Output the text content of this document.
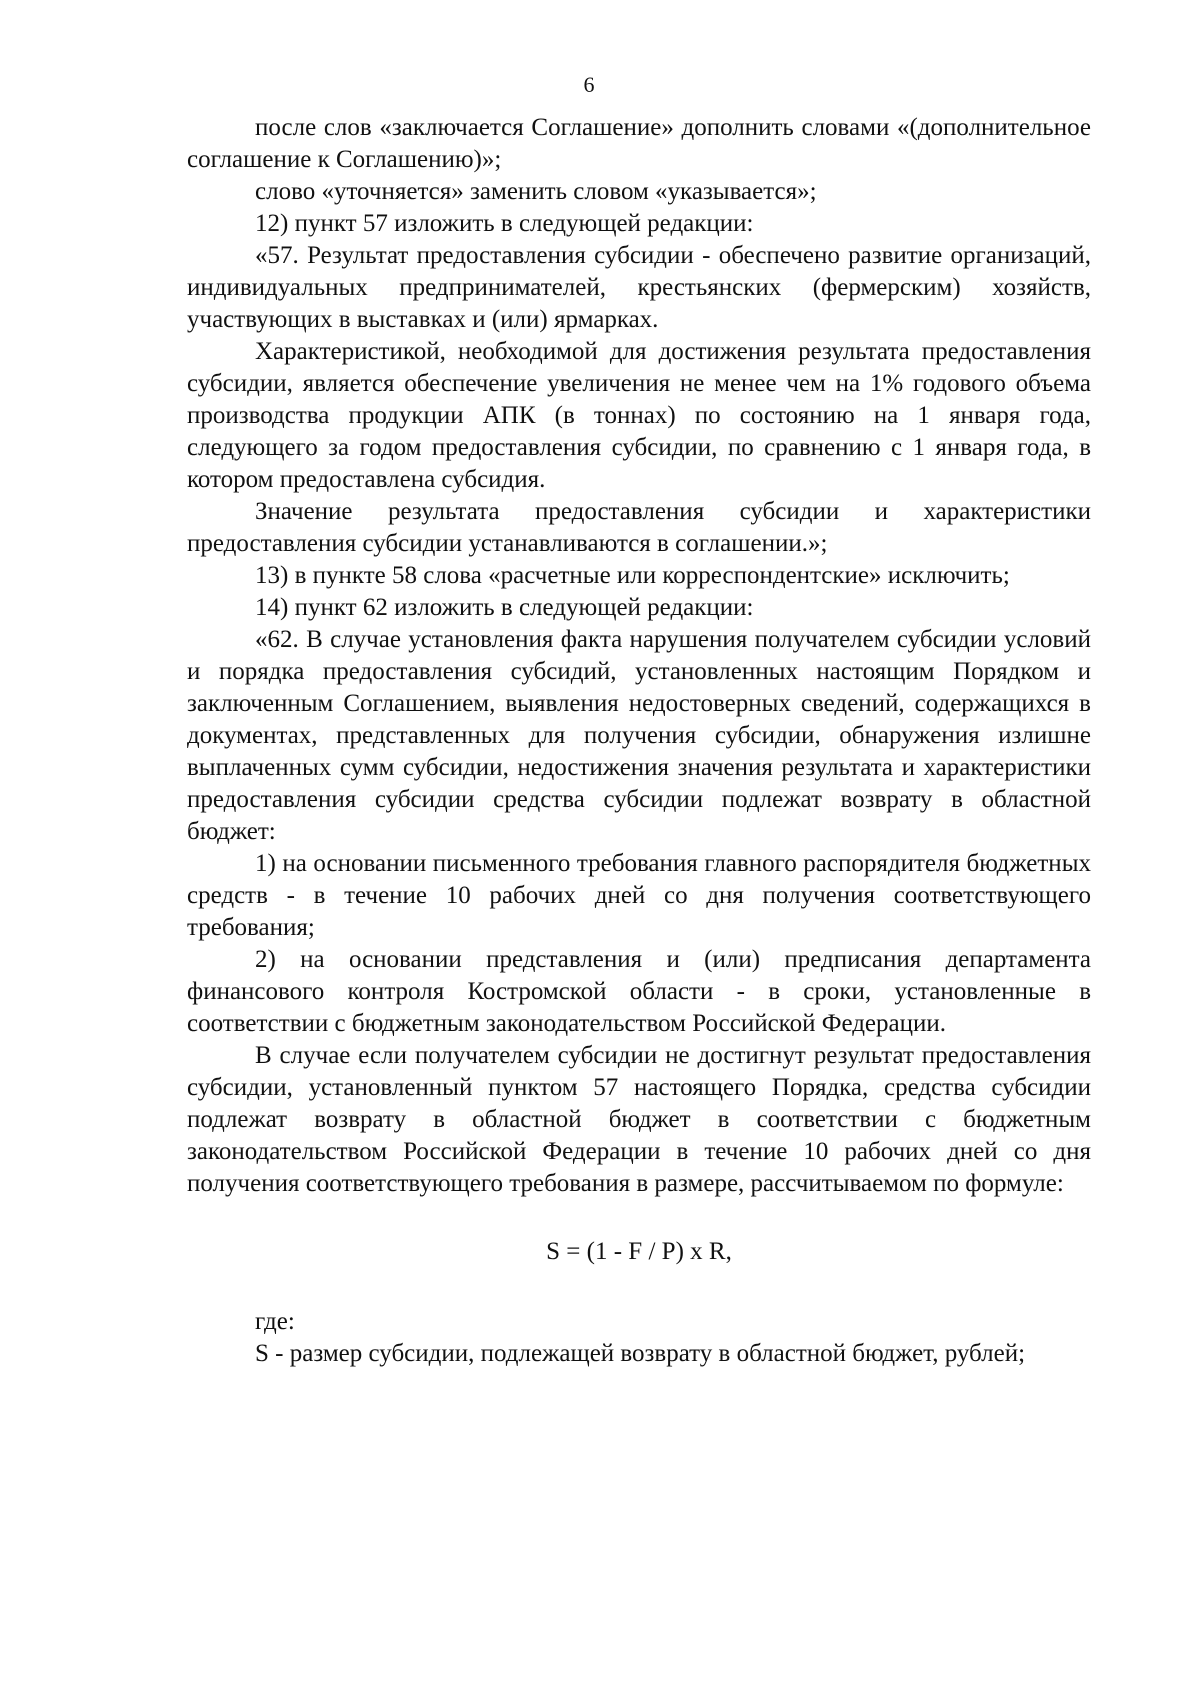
6

после слов «заключается Соглашение» дополнить словами «(дополнительное соглашение к Соглашению)»;

слово «уточняется» заменить словом «указывается»;

12) пункт 57 изложить в следующей редакции:

«57. Результат предоставления субсидии - обеспечено развитие организаций, индивидуальных предпринимателей, крестьянских (фермерским) хозяйств, участвующих в выставках и (или) ярмарках.

Характеристикой, необходимой для достижения результата предоставления субсидии, является обеспечение увеличения не менее чем на 1% годового объема производства продукции АПК (в тоннах) по состоянию на 1 января года, следующего за годом предоставления субсидии, по сравнению с 1 января года, в котором предоставлена субсидия.

Значение результата предоставления субсидии и характеристики предоставления субсидии устанавливаются в соглашении.»;

13) в пункте 58 слова «расчетные или корреспондентские» исключить;

14) пункт 62 изложить в следующей редакции:

«62. В случае установления факта нарушения получателем субсидии условий и порядка предоставления субсидий, установленных настоящим Порядком и заключенным Соглашением, выявления недостоверных сведений, содержащихся в документах, представленных для получения субсидии, обнаружения излишне выплаченных сумм субсидии, недостижения значения результата и характеристики предоставления субсидии средства субсидии подлежат возврату в областной бюджет:

1) на основании письменного требования главного распорядителя бюджетных средств - в течение 10 рабочих дней со дня получения соответствующего требования;

2) на основании представления и (или) предписания департамента финансового контроля Костромской области - в сроки, установленные в соответствии с бюджетным законодательством Российской Федерации.

В случае если получателем субсидии не достигнут результат предоставления субсидии, установленный пунктом 57 настоящего Порядка, средства субсидии подлежат возврату в областной бюджет в соответствии с бюджетным законодательством Российской Федерации в течение 10 рабочих дней со дня получения соответствующего требования в размере, рассчитываемом по формуле:

S = (1 - F / P) x R,

где:

S - размер субсидии, подлежащей возврату в областной бюджет, рублей;
